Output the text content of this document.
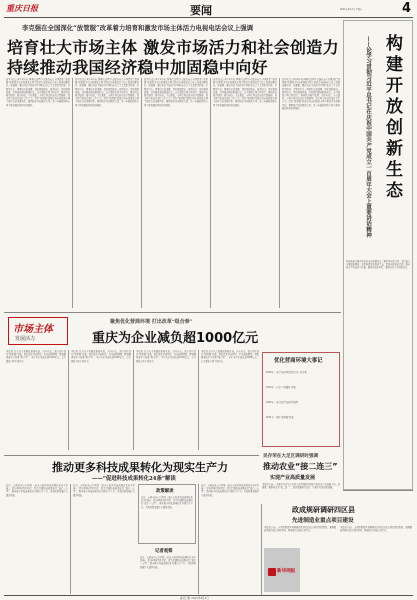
重庆日报	要闻	2021年4月2日 星期五	4
李克强在全国深化“放管服”改革着力培育和激发市场主体活力电视电话会议上强调
培育壮大市场主体 激发市场活力和社会创造力
持续推动我国经济稳中加固稳中向好
新华社北京4月1日电 国务院总理李克强日前在全国深化“放管服”改革着力培育和激发市场主体活力电视电话会议上发表重要讲话。他强调，要以习近平新时代中国特色社会主义思想为指导，贯彻党中央、国务院决策部署，深化简政放权、放管结合、优化服务改革，持续推进政府职能转变，充分激发市场主体活力，推动经济稳中加固、稳中向好。李克强说，市场主体是经济的力量载体，保市场主体就是保社会生产力。深化“放管服”改革是培育和激发市场主体活力的重要举措，要围绕企业和群众关切，进一步破除阻碍市场主体发展的体制机制障碍。
新华社北京4月1日电 国务院总理李克强日前在全国深化“放管服”改革着力培育和激发市场主体活力电视电话会议上发表重要讲话。他强调，要以习近平新时代中国特色社会主义思想为指导，贯彻党中央、国务院决策部署，深化简政放权、放管结合、优化服务改革，持续推进政府职能转变，充分激发市场主体活力，推动经济稳中加固、稳中向好。李克强说，市场主体是经济的力量载体，保市场主体就是保社会生产力。深化“放管服”改革是培育和激发市场主体活力的重要举措，要围绕企业和群众关切，进一步破除阻碍市场主体发展的体制机制障碍。
新华社北京4月1日电 国务院总理李克强日前在全国深化“放管服”改革着力培育和激发市场主体活力电视电话会议上发表重要讲话。他强调，要以习近平新时代中国特色社会主义思想为指导，贯彻党中央、国务院决策部署，深化简政放权、放管结合、优化服务改革，持续推进政府职能转变，充分激发市场主体活力，推动经济稳中加固、稳中向好。李克强说，市场主体是经济的力量载体，保市场主体就是保社会生产力。深化“放管服”改革是培育和激发市场主体活力的重要举措，要围绕企业和群众关切，进一步破除阻碍市场主体发展的体制机制障碍。
新华社北京4月1日电 国务院总理李克强日前在全国深化“放管服”改革着力培育和激发市场主体活力电视电话会议上发表重要讲话。他强调，要以习近平新时代中国特色社会主义思想为指导，贯彻党中央、国务院决策部署，深化简政放权、放管结合、优化服务改革，持续推进政府职能转变，充分激发市场主体活力，推动经济稳中加固、稳中向好。李克强说，市场主体是经济的力量载体，保市场主体就是保社会生产力。深化“放管服”改革是培育和激发市场主体活力的重要举措，要围绕企业和群众关切，进一步破除阻碍市场主体发展的体制机制障碍。
新华社北京4月1日电 国务院总理李克强日前在全国深化“放管服”改革着力培育和激发市场主体活力电视电话会议上发表重要讲话。他强调，要以习近平新时代中国特色社会主义思想为指导，贯彻党中央、国务院决策部署，深化简政放权、放管结合、优化服务改革，持续推进政府职能转变，充分激发市场主体活力，推动经济稳中加固、稳中向好。李克强说，市场主体是经济的力量载体，保市场主体就是保社会生产力。深化“放管服”改革是培育和激发市场主体活力的重要举措，要围绕企业和群众关切，进一步破除阻碍市场主体发展的体制机制障碍。	构建开放创新生态
——论学习贯彻习近平总书记在庆祝中国共产党成立一百周年大会上重要讲话精神
开放创新是推动科技进步的重要动力。要坚持开放合作，深度融入全球创新网络，加快构建开放创新生态，集聚全球创新资源，推动高水平科技自立自强。要优化创新环境，激发各类人才创新活力。
市场主体
发展活力
聚焦优化营商环境 打出改革“组合拳”
重庆为企业减负超1000亿元
本报讯 记者从市发展改革委获悉，去年以来，我市持续深化“放管服”改革，聚焦优化营商环境，打出减税降费、降低要素成本等改革“组合拳”，全年为企业减负超1000亿元，有力激发市场主体活力。
本报讯 记者从市发展改革委获悉，去年以来，我市持续深化“放管服”改革，聚焦优化营商环境，打出减税降费、降低要素成本等改革“组合拳”，全年为企业减负超1000亿元，有力激发市场主体活力。
本报讯 记者从市发展改革委获悉，去年以来，我市持续深化“放管服”改革，聚焦优化营商环境，打出减税降费、降低要素成本等改革“组合拳”，全年为企业减负超1000亿元，有力激发市场主体活力。
本报讯 记者从市发展改革委获悉，去年以来，我市持续深化“放管服”改革，聚焦优化营商环境，打出减税降费、降低要素成本等改革“组合拳”，全年为企业减负超1000亿元，有力激发市场主体活力。	优化营商环境大事记
2018年：出台营商环境优化提升工作方案
2019年：启动“一网通办”改革
2020年：出台优化营商环境条例
2021年：深化“放管服”改革
吴存荣在大足区调研时强调
推动农业“接二连三”
实现产业高质量发展
本报讯 日前，市委副书记吴存荣到大足区调研乡村振兴和农业产业发展工作。他强调，要推动农业“接二连三”，加快发展现代农业，实现产业高质量发展。
推动更多科技成果转化为现实生产力
——“促进科技成果转化24条”解读
近日，市政府办公厅印发《重庆市促进科技成果转化若干措施》，提出24条具体举措，着力打通科技成果转化“最后一公里”，推动更多科技成果转化为现实生产力，为高质量发展注入强劲动能。
近日，市政府办公厅印发《重庆市促进科技成果转化若干措施》，提出24条具体举措，着力打通科技成果转化“最后一公里”，推动更多科技成果转化为现实生产力，为高质量发展注入强劲动能。
政策解读
近日，市政府办公厅印发《重庆市促进科技成果转化若干措施》，提出24条具体举措，着力打通科技成果转化“最后一公里”，推动更多科技成果转化为现实生产力，为高质量发展注入强劲动能。
记者观察
近日，市政府办公厅印发《重庆市促进科技成果转化若干措施》，提出24条具体举措，着力打通科技成果转化“最后一公里”，推动更多科技成果转化为现实生产力，为高质量发展注入强劲动能。
近日，市政府办公厅印发《重庆市促进科技成果转化若干措施》，提出24条具体举措，着力打通科技成果转化“最后一公里”，推动更多科技成果转化为现实生产力，为高质量发展注入强劲动能。
政成规研调研四区县
先进制造业重点项目建设
本报讯 日前，市领导到四区县调研先进制造业重点项目建设情况，强调要加快推进重点项目建设，增强制造业核心竞争力。
本报讯 日前，市领导到四区县调研先进制造业重点项目建设情况，强调要加快推进重点项目建设，增强制造业核心竞争力。
新华网报
重庆日报 2021年4月2日
